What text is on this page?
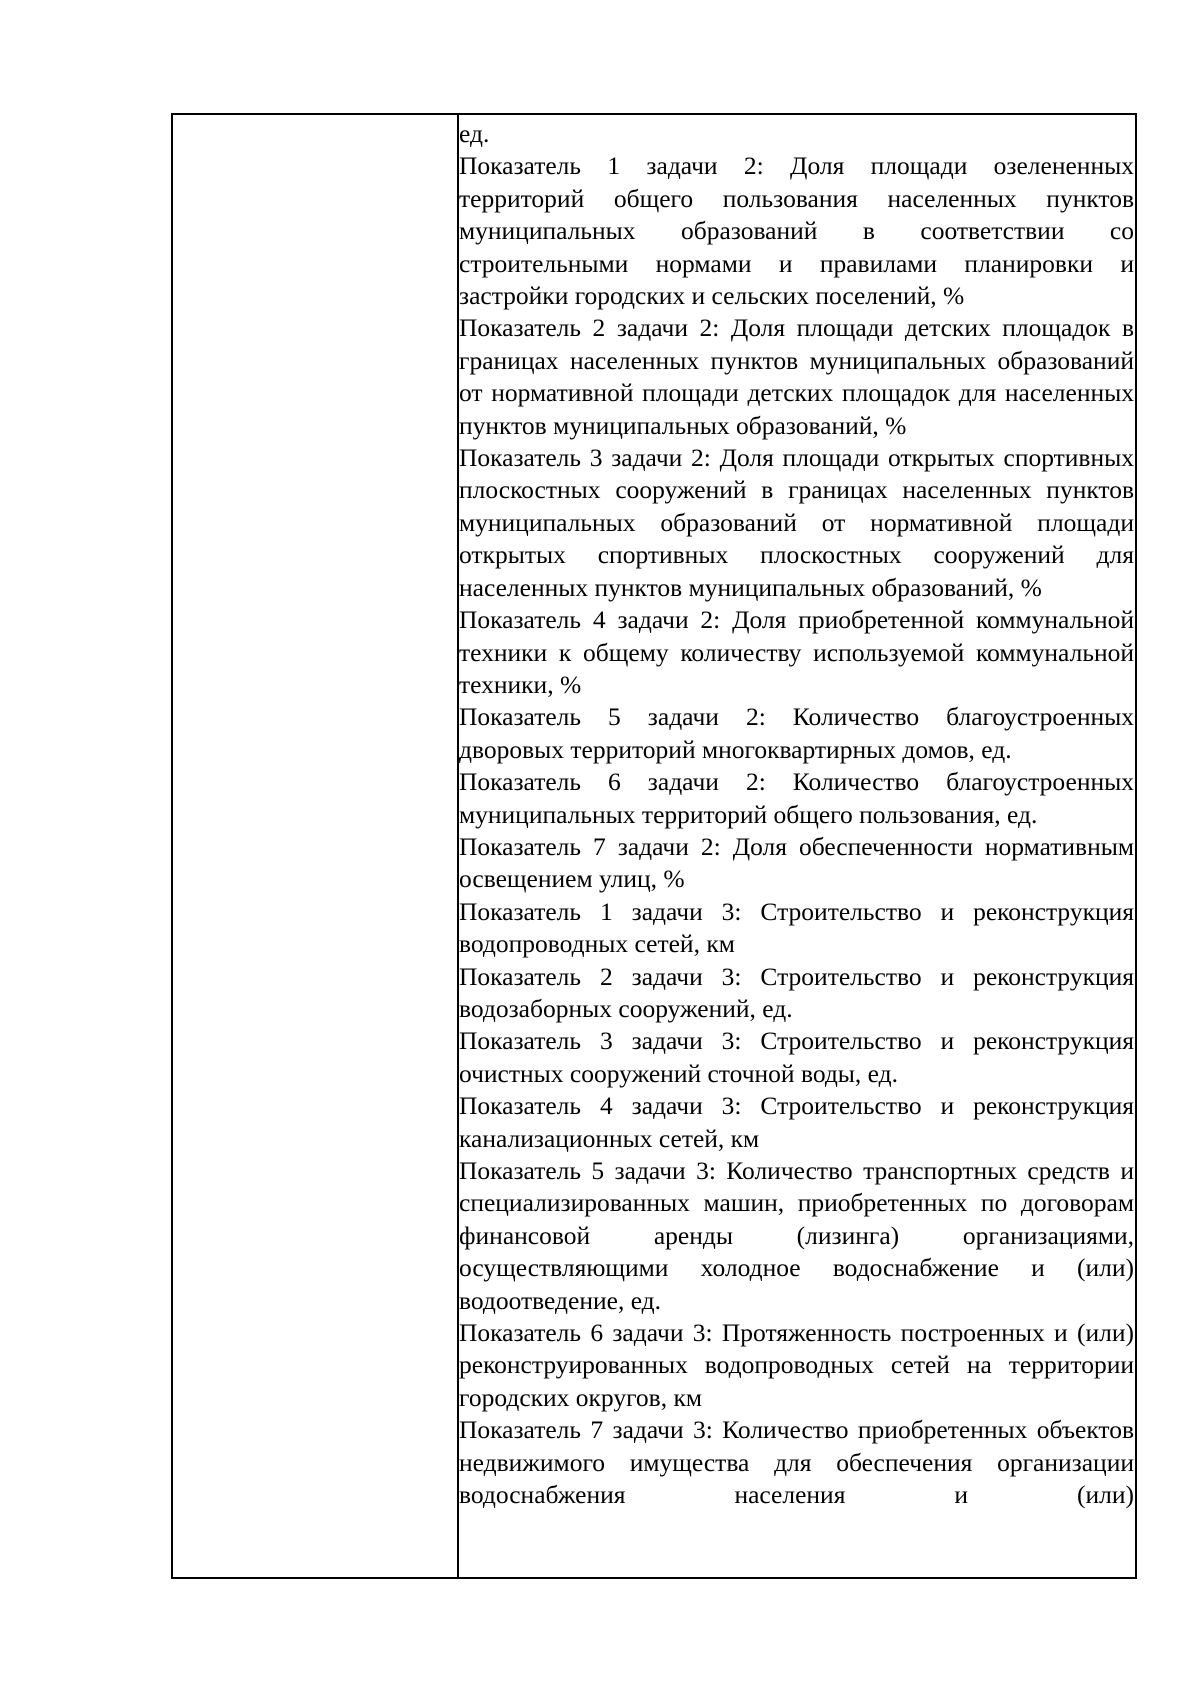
ед.

Показатель 1 задачи 2: Доля площади озелененных территорий общего пользования населенных пунктов муниципальных образований в соответствии со строительными нормами и правилами планировки и застройки городских и сельских поселений, %

Показатель 2 задачи 2: Доля площади детских площадок в границах населенных пунктов муниципальных образований от нормативной площади детских площадок для населенных пунктов муниципальных образований, %

Показатель 3 задачи 2: Доля площади открытых спортивных плоскостных сооружений в границах населенных пунктов муниципальных образований от нормативной площади открытых спортивных плоскостных сооружений для населенных пунктов муниципальных образований, %

Показатель 4 задачи 2: Доля приобретенной коммунальной техники к общему количеству используемой коммунальной техники, %

Показатель 5 задачи 2: Количество благоустроенных дворовых территорий многоквартирных домов, ед.

Показатель 6 задачи 2: Количество благоустроенных муниципальных территорий общего пользования, ед.

Показатель 7 задачи 2: Доля обеспеченности нормативным освещением улиц, %

Показатель 1 задачи 3: Строительство и реконструкция водопроводных сетей, км

Показатель 2 задачи 3: Строительство и реконструкция водозаборных сооружений, ед.

Показатель 3 задачи 3: Строительство и реконструкция очистных сооружений сточной воды, ед.

Показатель 4 задачи 3: Строительство и реконструкция канализационных сетей, км

Показатель 5 задачи 3: Количество транспортных средств и специализированных машин, приобретенных по договорам финансовой аренды (лизинга) организациями, осуществляющими холодное водоснабжение и (или) водоотведение, ед.

Показатель 6 задачи 3: Протяженность построенных и (или) реконструированных водопроводных сетей на территории городских округов, км

Показатель 7 задачи 3: Количество приобретенных объектов недвижимого имущества для обеспечения организации водоснабжения населения и (или)
